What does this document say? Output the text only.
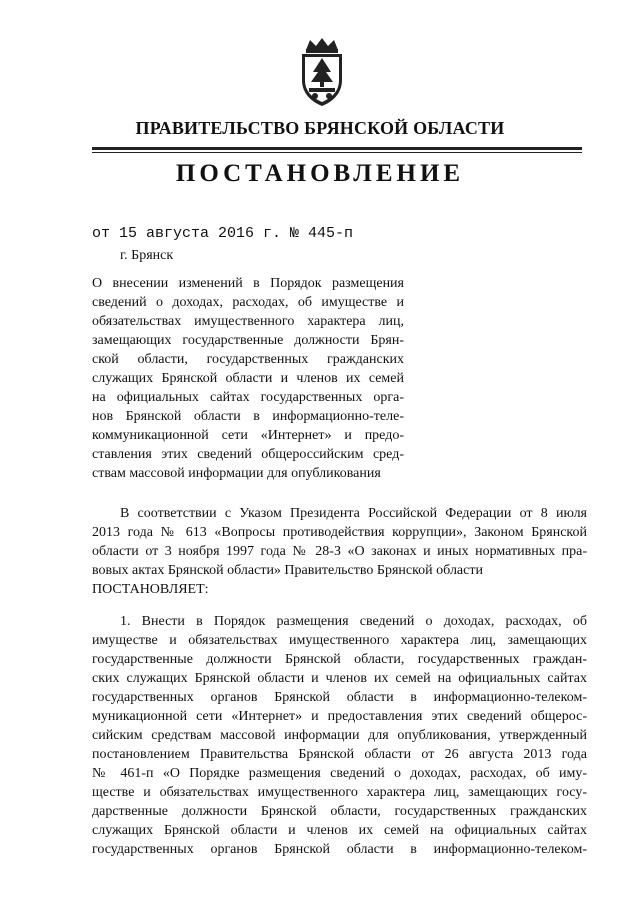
ПРАВИТЕЛЬСТВО БРЯНСКОЙ ОБЛАСТИ
ПОСТАНОВЛЕНИЕ
от 15 августа 2016 г. № 445-п
г. Брянск
О внесении изменений в Порядок размещения
сведений о доходах, расходах, об имуществе и
обязательствах имущественного характера лиц,
замещающих государственные должности Брян-
ской области, государственных гражданских
служащих Брянской области и членов их семей
на официальных сайтах государственных орга-
нов Брянской области в информационно-теле-
коммуникационной сети «Интернет» и предо-
ставления этих сведений общероссийским сред-
ствам массовой информации для опубликования
В соответствии с Указом Президента Российской Федерации от 8 июля
2013 года № 613 «Вопросы противодействия коррупции», Законом Брянской
области от 3 ноября 1997 года № 28-З «О законах и иных нормативных пра-
вовых актах Брянской области» Правительство Брянской области
ПОСТАНОВЛЯЕТ:
1. Внести в Порядок размещения сведений о доходах, расходах, об
имуществе и обязательствах имущественного характера лиц, замещающих
государственные должности Брянской области, государственных граждан-
ских служащих Брянской области и членов их семей на официальных сайтах
государственных органов Брянской области в информационно-телеком-
муникационной сети «Интернет» и предоставления этих сведений общерос-
сийским средствам массовой информации для опубликования, утвержденный
постановлением Правительства Брянской области от 26 августа 2013 года
№ 461-п «О Порядке размещения сведений о доходах, расходах, об иму-
ществе и обязательствах имущественного характера лиц, замещающих госу-
дарственные должности Брянской области, государственных гражданских
служащих Брянской области и членов их семей на официальных сайтах
государственных органов Брянской области в информационно-телеком-
